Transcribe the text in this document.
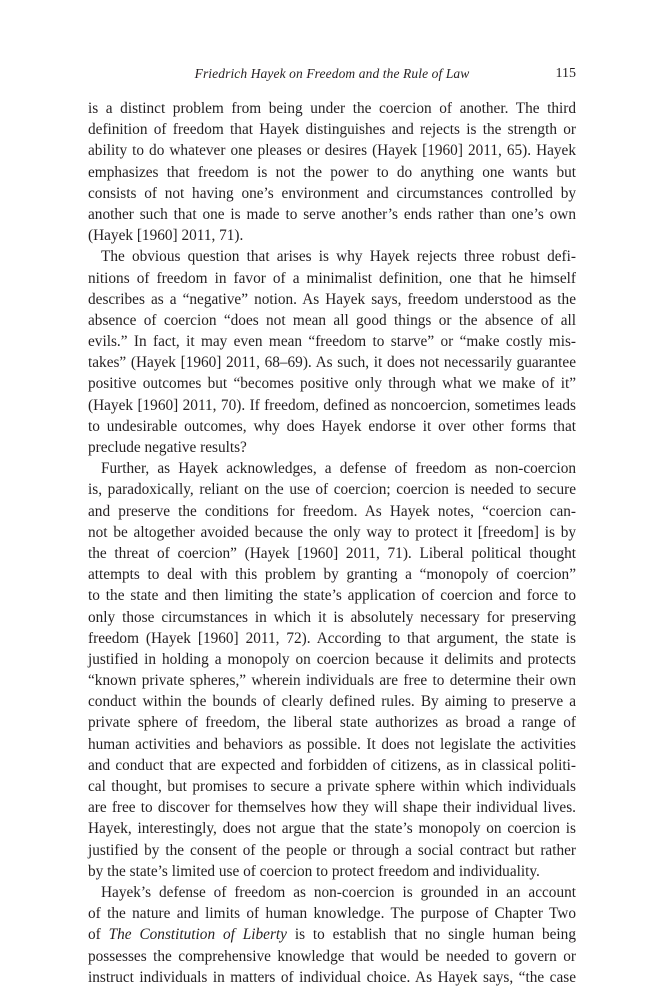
Friedrich Hayek on Freedom and the Rule of Law	115
is a distinct problem from being under the coercion of another. The third
definition of freedom that Hayek distinguishes and rejects is the strength or
ability to do whatever one pleases or desires (Hayek [1960] 2011, 65). Hayek
emphasizes that freedom is not the power to do anything one wants but
consists of not having one’s environment and circumstances controlled by
another such that one is made to serve another’s ends rather than one’s own
(Hayek [1960] 2011, 71).
The obvious question that arises is why Hayek rejects three robust defi-
nitions of freedom in favor of a minimalist definition, one that he himself
describes as a “negative” notion. As Hayek says, freedom understood as the
absence of coercion “does not mean all good things or the absence of all
evils.” In fact, it may even mean “freedom to starve” or “make costly mis-
takes” (Hayek [1960] 2011, 68–69). As such, it does not necessarily guarantee
positive outcomes but “becomes positive only through what we make of it”
(Hayek [1960] 2011, 70). If freedom, defined as noncoercion, sometimes leads
to undesirable outcomes, why does Hayek endorse it over other forms that
preclude negative results?
Further, as Hayek acknowledges, a defense of freedom as non-coercion
is, paradoxically, reliant on the use of coercion; coercion is needed to secure
and preserve the conditions for freedom. As Hayek notes, “coercion can-
not be altogether avoided because the only way to protect it [freedom] is by
the threat of coercion” (Hayek [1960] 2011, 71). Liberal political thought
attempts to deal with this problem by granting a “monopoly of coercion”
to the state and then limiting the state’s application of coercion and force to
only those circumstances in which it is absolutely necessary for preserving
freedom (Hayek [1960] 2011, 72). According to that argument, the state is
justified in holding a monopoly on coercion because it delimits and protects
“known private spheres,” wherein individuals are free to determine their own
conduct within the bounds of clearly defined rules. By aiming to preserve a
private sphere of freedom, the liberal state authorizes as broad a range of
human activities and behaviors as possible. It does not legislate the activities
and conduct that are expected and forbidden of citizens, as in classical politi-
cal thought, but promises to secure a private sphere within which individuals
are free to discover for themselves how they will shape their individual lives.
Hayek, interestingly, does not argue that the state’s monopoly on coercion is
justified by the consent of the people or through a social contract but rather
by the state’s limited use of coercion to protect freedom and individuality.
Hayek’s defense of freedom as non-coercion is grounded in an account
of the nature and limits of human knowledge. The purpose of Chapter Two
of The Constitution of Liberty is to establish that no single human being
possesses the comprehensive knowledge that would be needed to govern or
instruct individuals in matters of individual choice. As Hayek says, “the case
